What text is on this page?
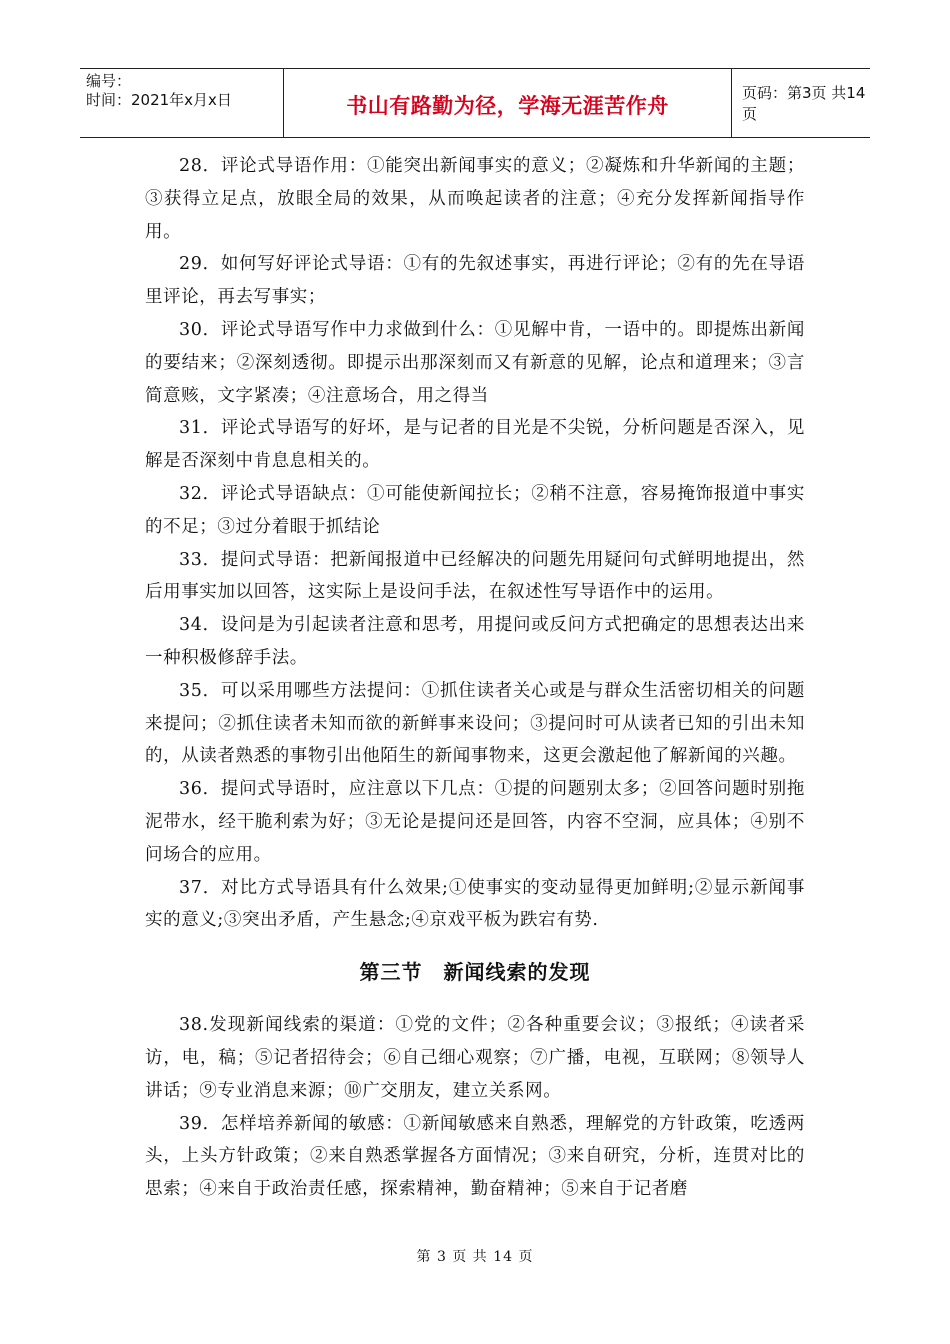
编号：
时间：2021年x月x日	书山有路勤为径，学海无涯苦作舟
页码：第3页 共14页

28．评论式导语作用：①能突出新闻事实的意义；②凝炼和升华新闻的主题；③获得立足点，放眼全局的效果，从而唤起读者的注意；④充分发挥新闻指导作用。

29．如何写好评论式导语：①有的先叙述事实，再进行评论；②有的先在导语里评论，再去写事实；

30．评论式导语写作中力求做到什么：①见解中肯，一语中的。即提炼出新闻的要结来；②深刻透彻。即提示出那深刻而又有新意的见解，论点和道理来；③言简意赅，文字紧凑；④注意场合，用之得当

31．评论式导语写的好坏，是与记者的目光是不尖锐，分析问题是否深入，见解是否深刻中肯息息相关的。

32．评论式导语缺点：①可能使新闻拉长；②稍不注意，容易掩饰报道中事实的不足；③过分着眼于抓结论

33．提问式导语：把新闻报道中已经解决的问题先用疑问句式鲜明地提出，然后用事实加以回答，这实际上是设问手法，在叙述性写导语作中的运用。

34．设问是为引起读者注意和思考，用提问或反问方式把确定的思想表达出来一种积极修辞手法。

35．可以采用哪些方法提问：①抓住读者关心或是与群众生活密切相关的问题来提问；②抓住读者未知而欲的新鲜事来设问；③提问时可从读者已知的引出未知的，从读者熟悉的事物引出他陌生的新闻事物来，这更会激起他了解新闻的兴趣。

36．提问式导语时，应注意以下几点：①提的问题别太多；②回答问题时别拖泥带水，经干脆利索为好；③无论是提问还是回答，内容不空洞，应具体；④别不问场合的应用。

37．对比方式导语具有什么效果;①使事实的变动显得更加鲜明;②显示新闻事实的意义;③突出矛盾，产生悬念;④京戏平板为跌宕有势.

第三节　新闻线索的发现

38.发现新闻线索的渠道：①党的文件；②各种重要会议；③报纸；④读者采访，电，稿；⑤记者招待会；⑥自己细心观察；⑦广播，电视，互联网；⑧领导人讲话；⑨专业消息来源；⑩广交朋友，建立关系网。

39．怎样培养新闻的敏感：①新闻敏感来自熟悉，理解党的方针政策，吃透两头，上头方针政策；②来自熟悉掌握各方面情况；③来自研究，分析，连贯对比的思索；④来自于政治责任感，探索精神，勤奋精神；⑤来自于记者磨

第 3 页 共 14 页
